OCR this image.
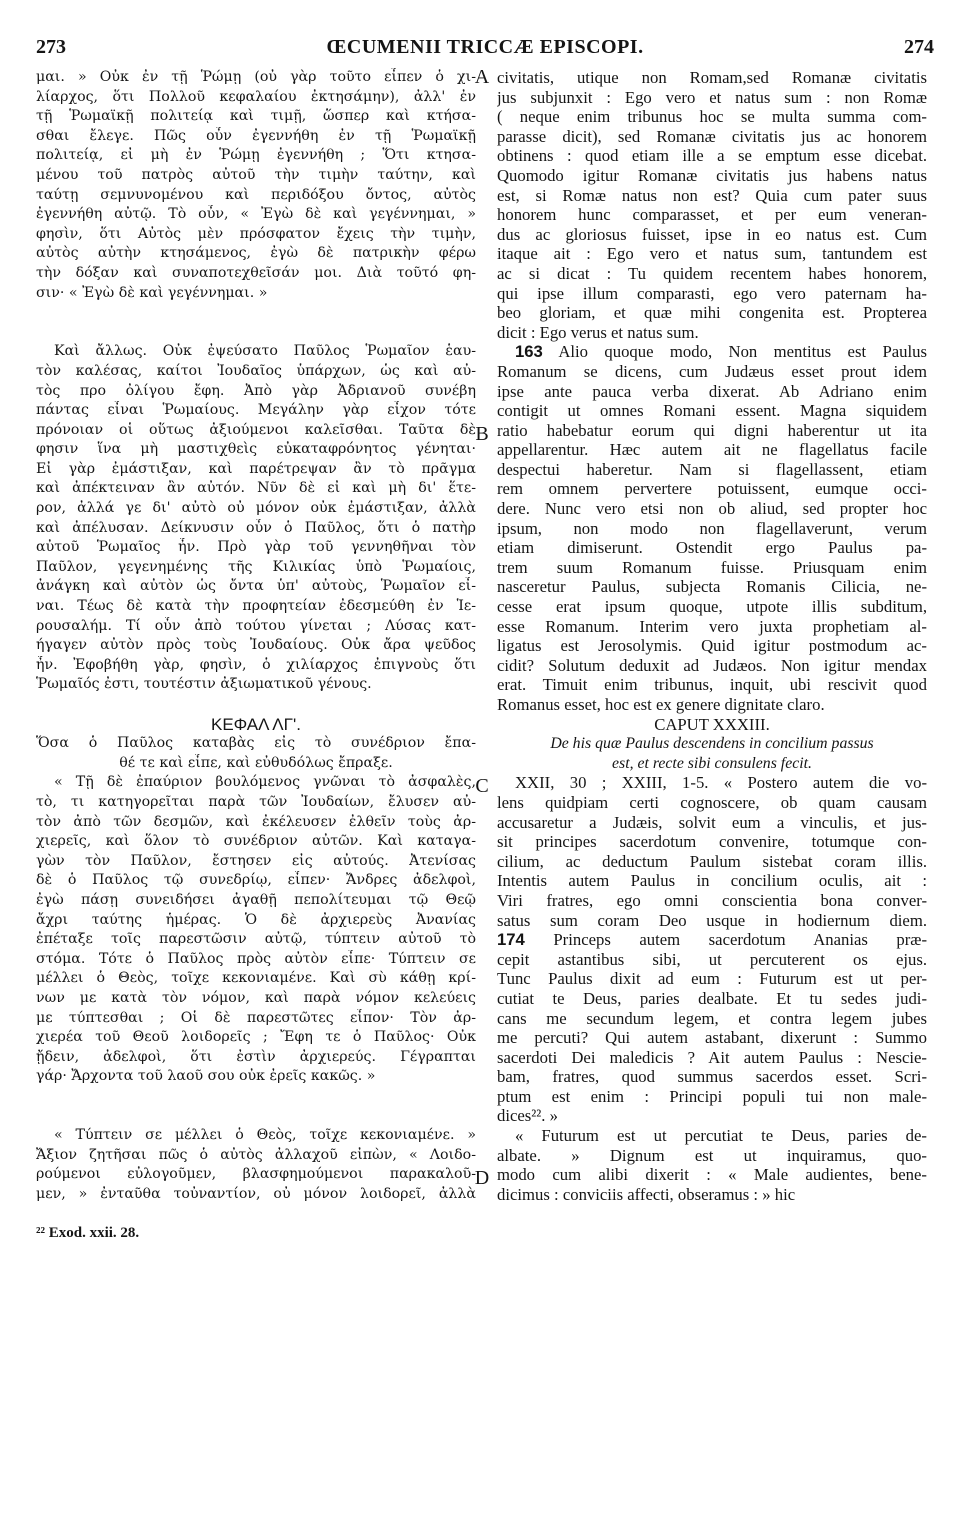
273	ŒCUMENII TRICCÆ EPISCOPI.	274
μαι. » Οὐκ ἐν τῇ Ῥώμῃ (οὐ γὰρ τοῦτο εἶπεν ὁ χι-
λίαρχος, ὅτι Πολλοῦ κεφαλαίου ἐκτησάμην), ἀλλ' ἐν
τῇ Ῥωμαϊκῇ πολιτείᾳ καὶ τιμῇ, ὥσπερ καὶ κτήσα-
σθαι ἔλεγε. Πῶς οὖν ἐγεννήθη ἐν τῇ Ῥωμαϊκῇ
πολιτείᾳ, εἰ μὴ ἐν Ῥώμῃ ἐγεννήθη ; Ὅτι κτησα-
μένου τοῦ πατρὸς αὐτοῦ τὴν τιμὴν ταύτην, καὶ
ταύτῃ σεμνυνομένου καὶ περιδόξου ὄντος, αὐτὸς
ἐγεννήθη αὐτῷ. Τὸ οὖν, « Ἐγὼ δὲ καὶ γεγέννημαι, »
φησὶν, ὅτι Αὐτὸς μὲν πρόσφατον ἔχεις τὴν τιμὴν,
αὐτὸς αὐτὴν κτησάμενος, ἐγὼ δὲ πατρικὴν φέρω
τὴν δόξαν καὶ συναποτεχθεῖσάν μοι. Διὰ τοῦτό φη-
σιν· « Ἐγὼ δὲ καὶ γεγέννημαι. »
Καὶ ἄλλως. Οὐκ ἐψεύσατο Παῦλος Ῥωμαῖον ἑαυ-
τὸν καλέσας, καίτοι Ἰουδαῖος ὑπάρχων, ὡς καὶ αὐ-
τὸς προ ὀλίγου ἔφη. Ἀπὸ γὰρ Ἀδριανοῦ συνέβη
πάντας εἶναι Ῥωμαίους. Μεγάλην γὰρ εἶχον τότε
πρόνοιαν οἱ οὕτως ἀξιούμενοι καλεῖσθαι. Ταῦτα δὲ
φησιν ἵνα μὴ μαστιχθεὶς εὐκαταφρόνητος γένηται·
Εἰ γὰρ ἐμάστιξαν, καὶ παρέτρεψαν ἂν τὸ πρᾶγμα
καὶ ἀπέκτειναν ἂν αὐτόν. Νῦν δὲ εἰ καὶ μὴ δι' ἕτε-
ρον, ἀλλά γε δι' αὐτὸ οὐ μόνον οὐκ ἐμάστιξαν, ἀλλὰ
καὶ ἀπέλυσαν. Δείκνυσιν οὖν ὁ Παῦλος, ὅτι ὁ πατὴρ
αὐτοῦ Ῥωμαῖος ἦν. Πρὸ γὰρ τοῦ γεννηθῆναι τὸν
Παῦλον, γεγενημένης τῆς Κιλικίας ὑπὸ Ῥωμαίοις,
ἀνάγκη καὶ αὐτὸν ὡς ὄντα ὑπ' αὐτοὺς, Ῥωμαῖον εἶ-
ναι. Τέως δὲ κατὰ τὴν προφητείαν ἐδεσμεύθη ἐν Ἱε-
ρουσαλήμ. Τί οὖν ἀπὸ τούτου γίνεται ; Λύσας κατ-
ήγαγεν αὐτὸν πρὸς τοὺς Ἰουδαίους. Οὐκ ἄρα ψεῦδος
ἦν. Ἐφοβήθη γὰρ, φησὶν, ὁ χιλίαρχος ἐπιγνοὺς ὅτι
Ῥωμαῖός ἐστι, τουτέστιν ἀξιωματικοῦ γένους.
ΚΕΦΑΛ ΛΓ'.
Ὅσα ὁ Παῦλος καταβὰς εἰς τὸ συνέδριον ἔπα-
θέ τε καὶ εἶπε, καὶ εὐθυδόλως ἔπραξε.
« Τῇ δὲ ἐπαύριον βουλόμενος γνῶναι τὸ ἀσφαλὲς,
τὸ, τι κατηγορεῖται παρὰ τῶν Ἰουδαίων, ἔλυσεν αὐ-
τὸν ἀπὸ τῶν δεσμῶν, καὶ ἐκέλευσεν ἐλθεῖν τοὺς ἀρ-
χιερεῖς, καὶ ὅλον τὸ συνέδριον αὐτῶν. Καὶ καταγα-
γὼν τὸν Παῦλον, ἔστησεν εἰς αὐτούς. Ἀτενίσας
δὲ ὁ Παῦλος τῷ συνεδρίῳ, εἶπεν· Ἄνδρες ἀδελφοὶ,
ἐγὼ πάσῃ συνειδήσει ἀγαθῇ πεπολίτευμαι τῷ Θεῷ
ἄχρι ταύτης ἡμέρας. Ὁ δὲ ἀρχιερεὺς Ἀνανίας
ἐπέταξε τοῖς παρεστῶσιν αὐτῷ, τύπτειν αὐτοῦ τὸ
στόμα. Τότε ὁ Παῦλος πρὸς αὐτὸν εἶπε· Τύπτειν σε
μέλλει ὁ Θεὸς, τοῖχε κεκονιαμένε. Καὶ σὺ κάθῃ κρί-
νων με κατὰ τὸν νόμον, καὶ παρὰ νόμον κελεύεις
με τύπτεσθαι ; Οἱ δὲ παρεστῶτες εἶπον· Τὸν ἀρ-
χιερέα τοῦ Θεοῦ λοιδορεῖς ; Ἔφη τε ὁ Παῦλος· Οὐκ
ᾔδειν, ἀδελφοὶ, ὅτι ἐστὶν ἀρχιερεύς. Γέγραπται
γάρ· Ἄρχοντα τοῦ λαοῦ σου οὐκ ἐρεῖς κακῶς. »
« Τύπτειν σε μέλλει ὁ Θεὸς, τοῖχε κεκονιαμένε. »
Ἄξιον ζητῆσαι πῶς ὁ αὐτὸς ἀλλαχοῦ εἰπὼν, « Λοιδο-
ρούμενοι εὐλογοῦμεν, βλασφημούμενοι παρακαλοῦ-
μεν, » ἐνταῦθα τοὐναντίον, οὐ μόνον λοιδορεῖ, ἀλλὰ
²² Exod. xxii. 28.
civitatis, utique non Romam,sed Romanæ civitatis
jus subjunxit : Ego vero et natus sum : non Romæ
( neque enim tribunus hoc se multa summa com-
parasse dicit), sed Romanæ civitatis jus ac honorem
obtinens : quod etiam ille a se emptum esse dicebat.
Quomodo igitur Romanæ civitatis jus habens natus
est, si Romæ natus non est? Quia cum pater suus
honorem hunc comparasset, et per eum veneran-
dus ac gloriosus fuisset, ipse in eo natus est. Cum
itaque ait : Ego vero et natus sum, tantundem est
ac si dicat : Tu quidem recentem habes honorem,
qui ipse illum comparasti, ego vero paternam ha-
beo gloriam, et quæ mihi congenita est. Propterea
dicit : Ego verus et natus sum.
163 Alio quoque modo, Non mentitus est Paulus
Romanum se dicens, cum Judæus esset prout idem
ipse ante pauca verba dixerat. Ab Adriano enim
contigit ut omnes Romani essent. Magna siquidem
ratio habebatur eorum qui digni haberentur ut ita
appellarentur. Hæc autem ait ne flagellatus facile
despectui haberetur. Nam si flagellassent, etiam
rem omnem pervertere potuissent, eumque occi-
dere. Nunc vero etsi non ob aliud, sed propter hoc
ipsum, non modo non flagellaverunt, verum
etiam dimiserunt. Ostendit ergo Paulus pa-
trem suum Romanum fuisse. Priusquam enim
nasceretur Paulus, subjecta Romanis Cilicia, ne-
cesse erat ipsum quoque, utpote illis subditum,
esse Romanum. Interim vero juxta prophetiam al-
ligatus est Jerosolymis. Quid igitur postmodum ac-
cidit? Solutum deduxit ad Judæos. Non igitur mendax
erat. Timuit enim tribunus, inquit, ubi rescivit quod
Romanus esset, hoc est ex genere dignitate claro.
CAPUT XXXIII.
De his quæ Paulus descendens in concilium passus
est, et recte sibi consulens fecit.
XXII, 30 ; XXIII, 1-5. « Postero autem die vo-
lens quidpiam certi cognoscere, ob quam causam
accusaretur a Judæis, solvit eum a vinculis, et jus-
sit principes sacerdotum convenire, totumque con-
cilium, ac deductum Paulum sistebat coram illis.
Intentis autem Paulus in concilium oculis, ait :
Viri fratres, ego omni conscientia bona conver-
satus sum coram Deo usque in hodiernum diem.
174 Princeps autem sacerdotum Ananias præ-
cepit astantibus sibi, ut percuterent os ejus.
Tunc Paulus dixit ad eum : Futurum est ut per-
cutiat te Deus, paries dealbate. Et tu sedes judi-
cans me secundum legem, et contra legem jubes
me percuti? Qui autem astabant, dixerunt : Summo
sacerdoti Dei maledicis ? Ait autem Paulus : Nescie-
bam, fratres, quod summus sacerdos esset. Scri-
ptum est enim : Principi populi tui non male-
dices²². »
« Futurum est ut percutiat te Deus, paries de-
albate. » Dignum est ut inquiramus, quo-
modo cum alibi dixerit : « Male audientes, bene-
dicimus : conviciis affecti, obseramus : » hic
A
B
C
D
